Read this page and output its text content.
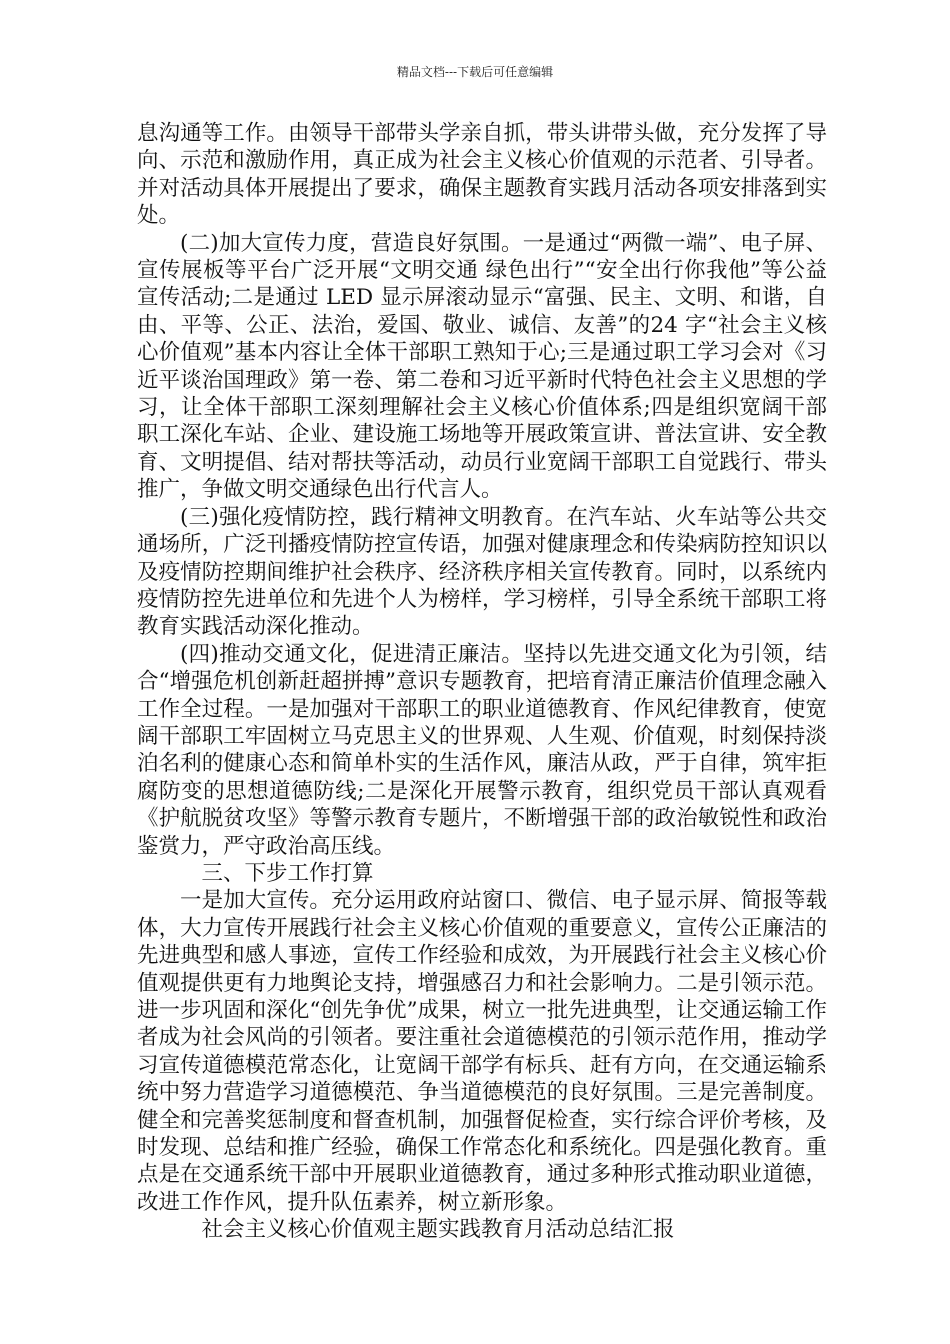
精品文档---下载后可任意编辑

息沟通等工作。由领导干部带头学亲自抓，带头讲带头做，充分发挥了导向、示范和激励作用，真正成为社会主义核心价值观的示范者、引导者。并对活动具体开展提出了要求，确保主题教育实践月活动各项安排落到实处。

(二)加大宣传力度，营造良好氛围。一是通过“两微一端”、电子屏、宣传展板等平台广泛开展“文明交通 绿色出行”“安全出行你我他”等公益宣传活动;二是通过 LED 显示屏滚动显示“富强、民主、文明、和谐，自由、平等、公正、法治，爱国、敬业、诚信、友善”的24 字“社会主义核心价值观”基本内容让全体干部职工熟知于心;三是通过职工学习会对《习近平谈治国理政》第一卷、第二卷和习近平新时代特色社会主义思想的学习，让全体干部职工深刻理解社会主义核心价值体系;四是组织宽阔干部职工深化车站、企业、建设施工场地等开展政策宣讲、普法宣讲、安全教育、文明提倡、结对帮扶等活动，动员行业宽阔干部职工自觉践行、带头推广，争做文明交通绿色出行代言人。

(三)强化疫情防控，践行精神文明教育。在汽车站、火车站等公共交通场所，广泛刊播疫情防控宣传语，加强对健康理念和传染病防控知识以及疫情防控期间维护社会秩序、经济秩序相关宣传教育。同时，以系统内疫情防控先进单位和先进个人为榜样，学习榜样，引导全系统干部职工将教育实践活动深化推动。

(四)推动交通文化，促进清正廉洁。坚持以先进交通文化为引领，结合“增强危机创新赶超拼搏”意识专题教育，把培育清正廉洁价值理念融入工作全过程。一是加强对干部职工的职业道德教育、作风纪律教育，使宽阔干部职工牢固树立马克思主义的世界观、人生观、价值观，时刻保持淡泊名利的健康心态和简单朴实的生活作风，廉洁从政，严于自律，筑牢拒腐防变的思想道德防线;二是深化开展警示教育，组织党员干部认真观看《护航脱贫攻坚》等警示教育专题片，不断增强干部的政治敏锐性和政治鉴赏力，严守政治高压线。

三、下步工作打算

一是加大宣传。充分运用政府站窗口、微信、电子显示屏、简报等载体，大力宣传开展践行社会主义核心价值观的重要意义，宣传公正廉洁的先进典型和感人事迹，宣传工作经验和成效，为开展践行社会主义核心价值观提供更有力地舆论支持，增强感召力和社会影响力。二是引领示范。进一步巩固和深化“创先争优”成果，树立一批先进典型，让交通运输工作者成为社会风尚的引领者。要注重社会道德模范的引领示范作用，推动学习宣传道德模范常态化，让宽阔干部学有标兵、赶有方向，在交通运输系统中努力营造学习道德模范、争当道德模范的良好氛围。三是完善制度。健全和完善奖惩制度和督查机制，加强督促检查，实行综合评价考核，及时发现、总结和推广经验，确保工作常态化和系统化。四是强化教育。重点是在交通系统干部中开展职业道德教育，通过多种形式推动职业道德，改进工作作风，提升队伍素养，树立新形象。

社会主义核心价值观主题实践教育月活动总结汇报
